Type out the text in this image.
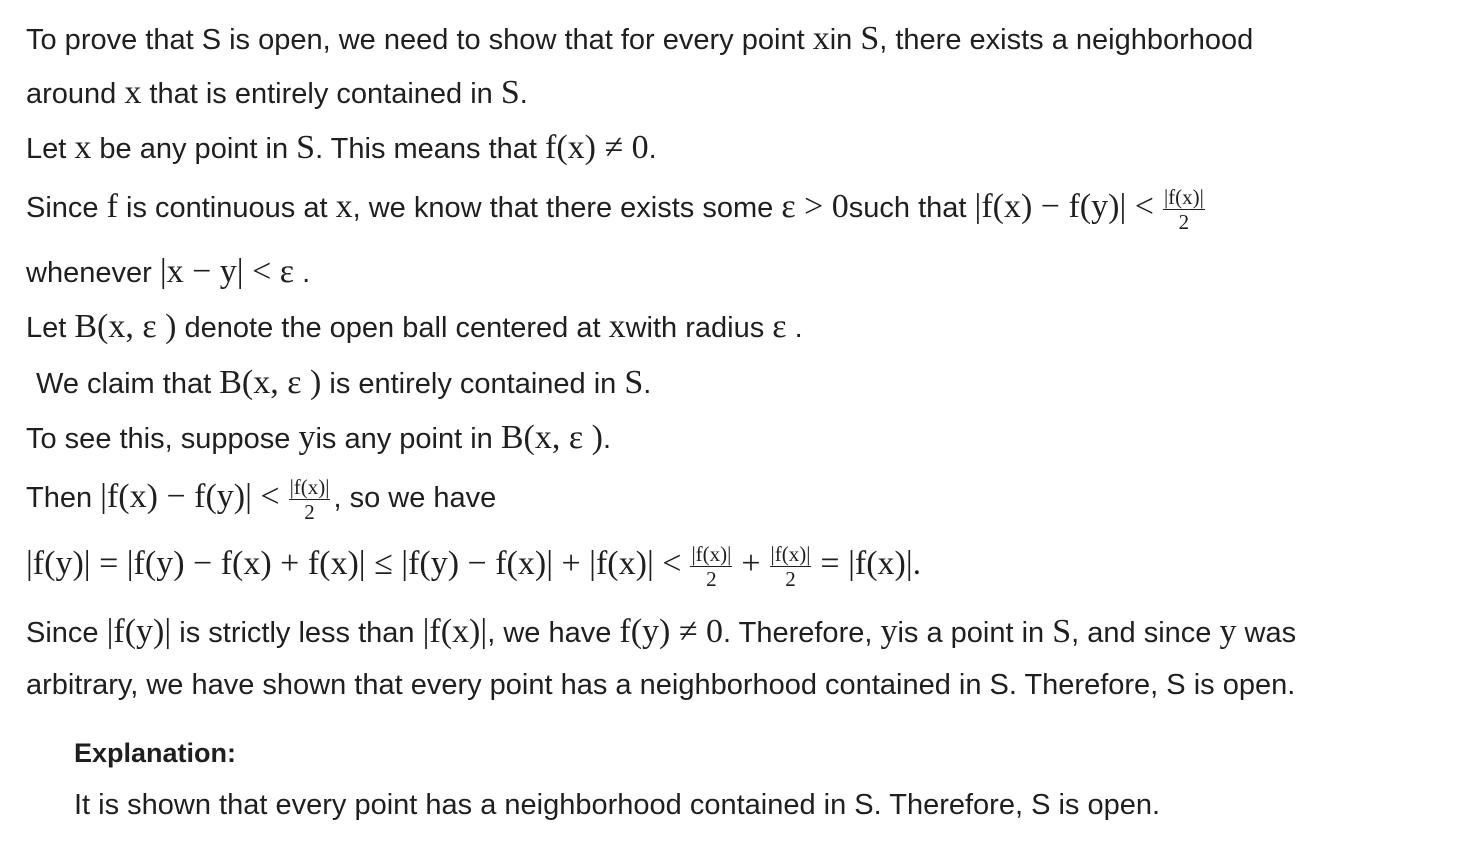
To prove that S is open, we need to show that for every point xin S, there exists a neighborhood
around x that is entirely contained in S.
Let x be any point in S. This means that f(x) ≠ 0.
Since f is continuous at x, we know that there exists some ε > 0such that $|f(x) - f(y)| < \frac{|f(x)|}{2}$
whenever |x − y| < ε .
Let B(x, ε ) denote the open ball centered at xwith radius ε .
We claim that B(x, ε ) is entirely contained in S.
To see this, suppose yis any point in B(x, ε ).
Then $|f(x) - f(y)| < \frac{|f(x)|}{2}$ , so we have
$|f(y)| = |f(y) - f(x) + f(x)| \le |f(y) - f(x)| + |f(x)| < \frac{|f(x)|}{2} + \frac{|f(x)|}{2} = |f(x)|$.
Since |f(y)| is strictly less than |f(x)|, we have f(y) ≠ 0. Therefore, yis a point in S, and since y was
arbitrary, we have shown that every point has a neighborhood contained in S. Therefore, S is open.
Explanation:
It is shown that every point has a neighborhood contained in S. Therefore, S is open.
